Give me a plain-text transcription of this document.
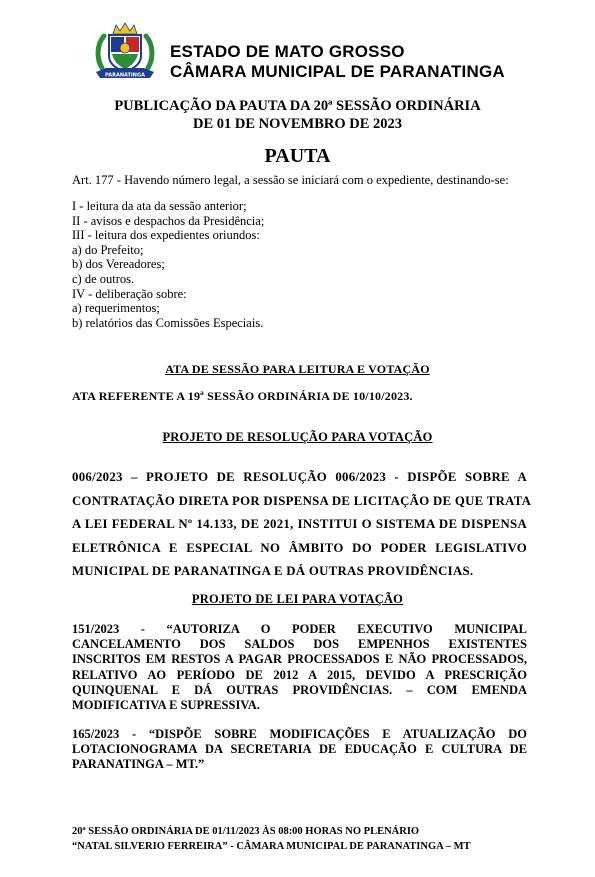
PARANATINGA
ESTADO DE MATO GROSSO
CÂMARA MUNICIPAL DE PARANATINGA
PUBLICAÇÃO DA PAUTA DA 20ª SESSÃO ORDINÁRIA
DE 01 DE NOVEMBRO DE 2023
PAUTA
Art. 177 - Havendo número legal, a sessão se iniciará com o expediente, destinando-se:
I - leitura da ata da sessão anterior;
II - avisos e despachos da Presidência;
III - leitura dos expedientes oriundos:
a) do Prefeito;
b) dos Vereadores;
c) de outros.
IV - deliberação sobre:
a) requerimentos;
b) relatórios das Comissões Especiais.
ATA DE SESSÃO PARA LEITURA E VOTAÇÃO
ATA REFERENTE A 19ª SESSÃO ORDINÁRIA DE 10/10/2023.
PROJETO DE RESOLUÇÃO PARA VOTAÇÃO
006/2023 – PROJETO DE RESOLUÇÃO 006/2023 - DISPÕE SOBRE A
CONTRATAÇÃO DIRETA POR DISPENSA DE LICITAÇÃO DE QUE TRATA
A LEI FEDERAL Nº 14.133, DE 2021, INSTITUI O SISTEMA DE DISPENSA
ELETRÔNICA E ESPECIAL NO ÂMBITO DO PODER LEGISLATIVO
MUNICIPAL DE PARANATINGA E DÁ OUTRAS PROVIDÊNCIAS.
PROJETO DE LEI PARA VOTAÇÃO
151/2023 - “AUTORIZA O PODER EXECUTIVO MUNICIPAL
CANCELAMENTO DOS SALDOS DOS EMPENHOS EXISTENTES
INSCRITOS EM RESTOS A PAGAR PROCESSADOS E NÃO PROCESSADOS,
RELATIVO AO PERÍODO DE 2012 A 2015, DEVIDO A PRESCRIÇÃO
QUINQUENAL E DÁ OUTRAS PROVIDÊNCIAS. – COM EMENDA
MODIFICATIVA E SUPRESSIVA.
165/2023 - “DISPÕE SOBRE MODIFICAÇÕES E ATUALIZAÇÃO DO
LOTACIONOGRAMA DA SECRETARIA DE EDUCAÇÃO E CULTURA DE
PARANATINGA – MT.”
20ª SESSÃO ORDINÁRIA DE 01/11/2023 ÀS 08:00 HORAS NO PLENÁRIO
“NATAL SILVERIO FERREIRA” - CÂMARA MUNICIPAL DE PARANATINGA – MT
